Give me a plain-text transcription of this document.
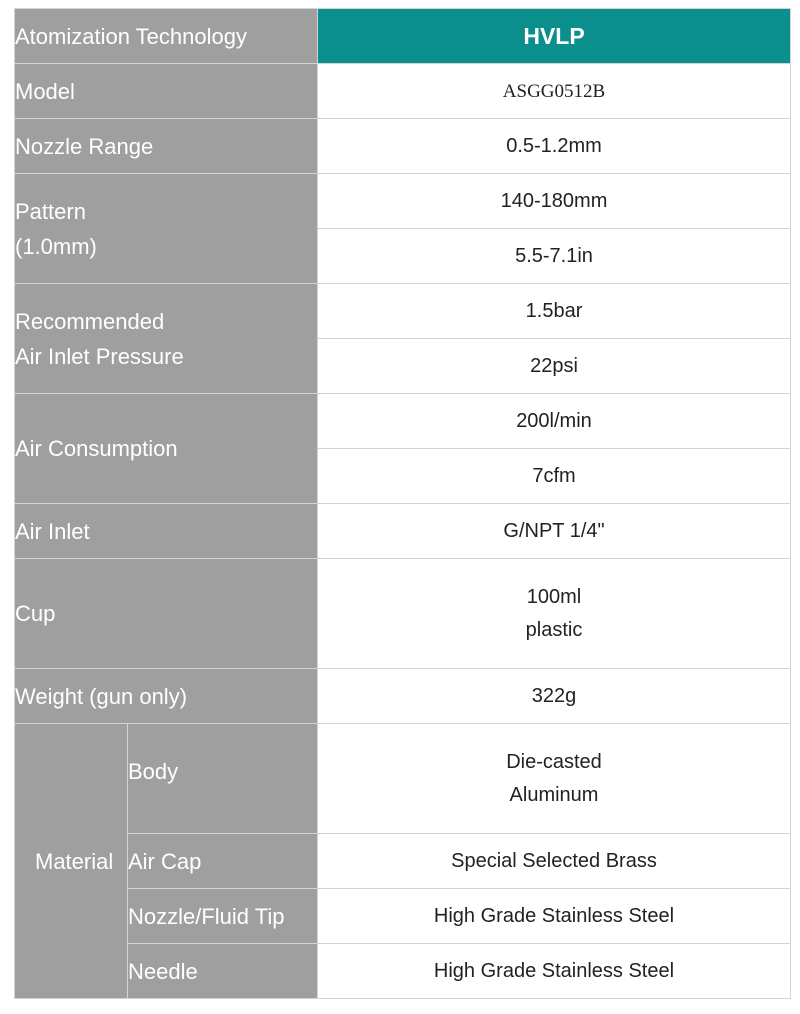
Atomization Technology		HVLP
Model		ASGG0512B
Nozzle Range		0.5-1.2mm

Pattern
(1.0mm)		140-180mm
		5.5-7.1in

Recommended
Air Inlet Pressure		1.5bar
		22psi
Air Consumption		200l/min
		7cfm
Air Inlet		G/NPT 1/4"
Cup		100ml
plastic

Weight (gun only)		322g
Material	Body	Die-casted
Aluminum

	Air Cap	Special Selected Brass
	Nozzle/Fluid Tip	High Grade Stainless Steel
	Needle	High Grade Stainless Steel
